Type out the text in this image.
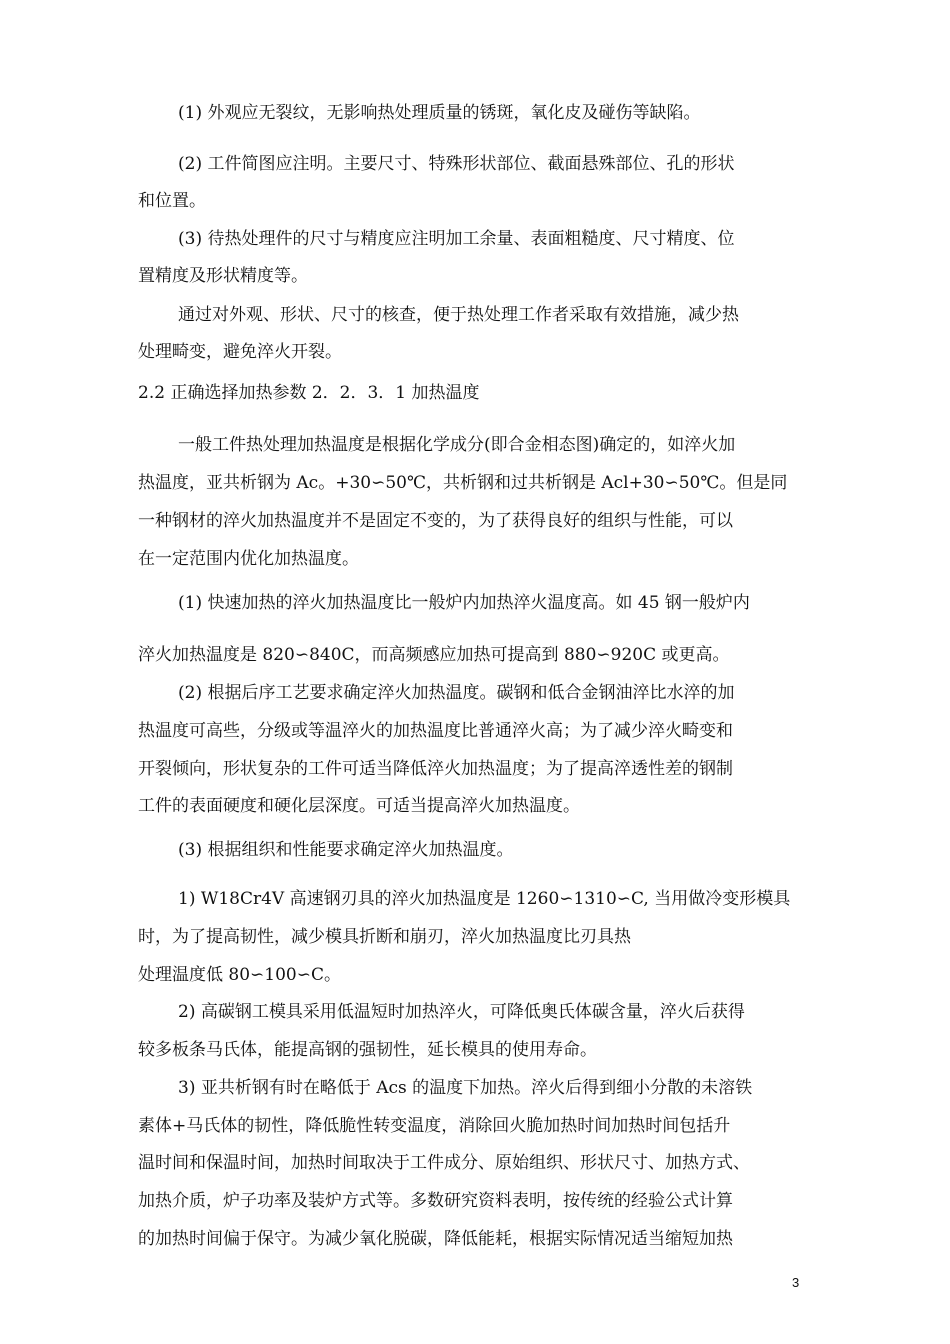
(1) 外观应无裂纹，无影响热处理质量的锈斑，氧化皮及碰伤等缺陷。
(2) 工件简图应注明。主要尺寸、特殊形状部位、截面悬殊部位、孔的形状
和位置。
(3) 待热处理件的尺寸与精度应注明加工余量、表面粗糙度、尺寸精度、位
置精度及形状精度等。
通过对外观、形状、尺寸的核查，便于热处理工作者采取有效措施，减少热
处理畸变，避免淬火开裂。
2.2 正确选择加热参数 2．2．3．1 加热温度
一般工件热处理加热温度是根据化学成分(即合金相态图)确定的，如淬火加
热温度，亚共析钢为 Ac。+30∽50℃，共析钢和过共析钢是 Acl+30∽50℃。但是同
一种钢材的淬火加热温度并不是固定不变的，为了获得良好的组织与性能，可以
在一定范围内优化加热温度。
(1) 快速加热的淬火加热温度比一般炉内加热淬火温度高。如 45 钢一般炉内
淬火加热温度是 820∽840C，而高频感应加热可提高到 880∽920C 或更高。
(2) 根据后序工艺要求确定淬火加热温度。碳钢和低合金钢油淬比水淬的加
热温度可高些，分级或等温淬火的加热温度比普通淬火高；为了减少淬火畸变和
开裂倾向，形状复杂的工件可适当降低淬火加热温度；为了提高淬透性差的钢制
工件的表面硬度和硬化层深度。可适当提高淬火加热温度。
(3) 根据组织和性能要求确定淬火加热温度。
1) W18Cr4V 高速钢刃具的淬火加热温度是 1260∽1310∽C, 当用做冷变形模具
时，为了提高韧性，减少模具折断和崩刃，淬火加热温度比刃具热
处理温度低 80∽100∽C。
2) 高碳钢工模具采用低温短时加热淬火，可降低奥氏体碳含量，淬火后获得
较多板条马氏体，能提高钢的强韧性，延长模具的使用寿命。
3) 亚共析钢有时在略低于 Acs 的温度下加热。淬火后得到细小分散的未溶铁
素体+马氏体的韧性，降低脆性转变温度，消除回火脆加热时间加热时间包括升
温时间和保温时间，加热时间取决于工件成分、原始组织、形状尺寸、加热方式、
加热介质，炉子功率及装炉方式等。多数研究资料表明，按传统的经验公式计算
的加热时间偏于保守。为减少氧化脱碳，降低能耗，根据实际情况适当缩短加热
3
